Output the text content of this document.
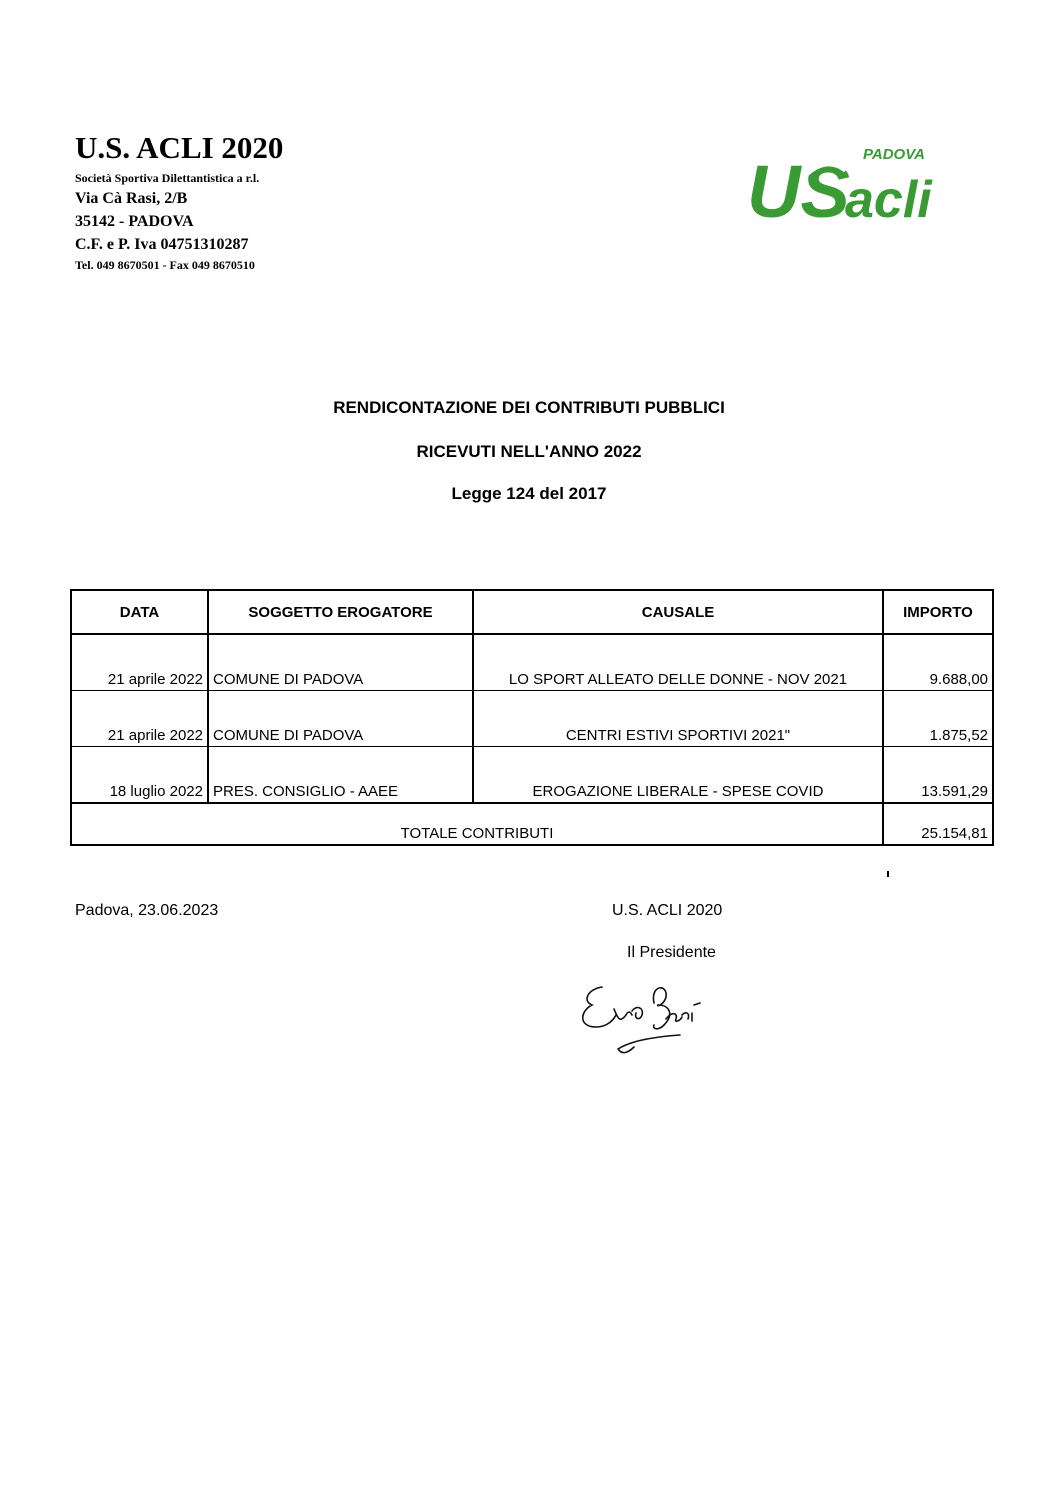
U.S. ACLI 2020
Società Sportiva Dilettantistica a r.l.
Via Cà Rasi, 2/B
35142 - PADOVA
C.F. e P. Iva 04751310287
Tel. 049 8670501 - Fax 049 8670510
PADOVA
US
acli
RENDICONTAZIONE DEI CONTRIBUTI PUBBLICI
RICEVUTI NELL'ANNO 2022
Legge 124 del 2017
DATA	SOGGETTO EROGATORE	CAUSALE	IMPORTO
21 aprile 2022	COMUNE DI PADOVA	LO SPORT ALLEATO DELLE DONNE - NOV 2021	9.688,00
21 aprile 2022	COMUNE DI PADOVA	CENTRI ESTIVI SPORTIVI 2021"	1.875,52
18 luglio 2022	PRES. CONSIGLIO - AAEE	EROGAZIONE LIBERALE - SPESE COVID	13.591,29
TOTALE CONTRIBUTI			25.154,81
Padova, 23.06.2023	U.S. ACLI 2020
Il Presidente
